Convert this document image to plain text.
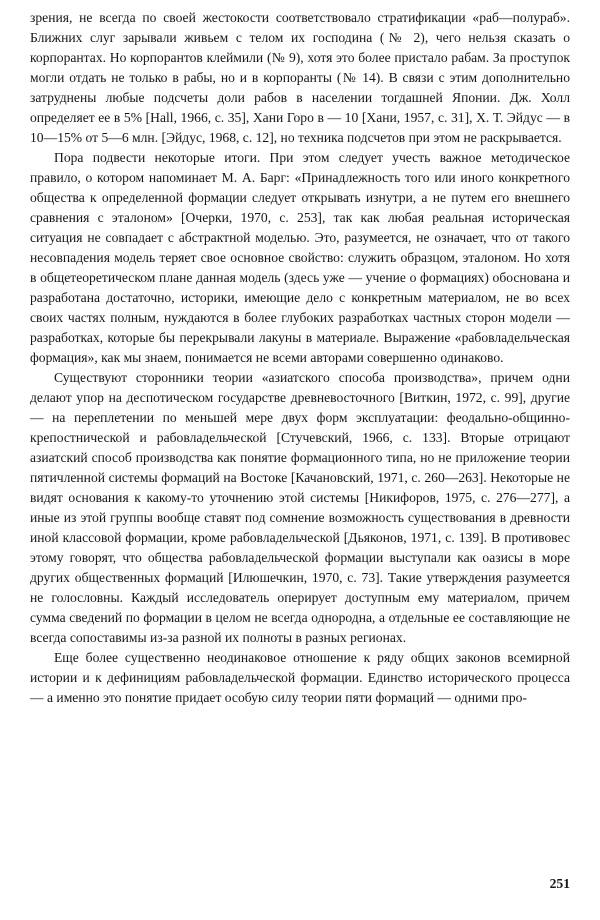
зрения, не всегда по своей жестокости соответствовало стратификации «раб—полураб». Ближних слуг зарывали живьем с телом их господина (№ 2), чего нельзя сказать о корпорантах. Но корпорантов клеймили (№ 9), хотя это более пристало рабам. За проступок могли отдать не только в рабы, но и в корпоранты (№ 14). В связи с этим дополнительно затруднены любые подсчеты доли рабов в населении тогдашней Японии. Дж. Холл определяет ее в 5% [Hall, 1966, с. 35], Хани Горо в — 10 [Хани, 1957, с. 31], Х. Т. Эйдус — в 10—15% от 5—6 млн. [Эйдус, 1968, с. 12], но техника подсчетов при этом не раскрывается.

Пора подвести некоторые итоги. При этом следует учесть важное методическое правило, о котором напоминает М. А. Барг: «Принадлежность того или иного конкретного общества к определенной формации следует открывать изнутри, а не путем его внешнего сравнения с эталоном» [Очерки, 1970, с. 253], так как любая реальная историческая ситуация не совпадает с абстрактной моделью. Это, разумеется, не означает, что от такого несовпадения модель теряет свое основное свойство: служить образцом, эталоном. Но хотя в общетеоретическом плане данная модель (здесь уже — учение о формациях) обоснована и разработана достаточно, историки, имеющие дело с конкретным материалом, не во всех своих частях полным, нуждаются в более глубоких разработках частных сторон модели — разработках, которые бы перекрывали лакуны в материале. Выражение «рабовладельческая формация», как мы знаем, понимается не всеми авторами совершенно одинаково.

Существуют сторонники теории «азиатского способа производства», причем одни делают упор на деспотическом государстве древневосточного [Виткин, 1972, с. 99], другие — на переплетении по меньшей мере двух форм эксплуатации: феодально-общинно-крепостнической и рабовладельческой [Стучевский, 1966, с. 133]. Вторые отрицают азиатский способ производства как понятие формационного типа, но не приложение теории пятичленной системы формаций на Востоке [Качановский, 1971, с. 260—263]. Некоторые не видят основания к какому-то уточнению этой системы [Никифоров, 1975, с. 276—277], а иные из этой группы вообще ставят под сомнение возможность существования в древности иной классовой формации, кроме рабовладельческой [Дьяконов, 1971, с. 139]. В противовес этому говорят, что общества рабовладельческой формации выступали как оазисы в море других общественных формаций [Илюшечкин, 1970, с. 73]. Такие утверждения разумеется не голословны. Каждый исследователь оперирует доступным ему материалом, причем сумма сведений по формации в целом не всегда однородна, а отдельные ее составляющие не всегда сопоставимы из-за разной их полноты в разных регионах.

Еще более существенно неодинаковое отношение к ряду общих законов всемирной истории и к дефинициям рабовладельческой формации. Единство исторического процесса — а именно это понятие придает особую силу теории пяти формаций — одними про-

251
